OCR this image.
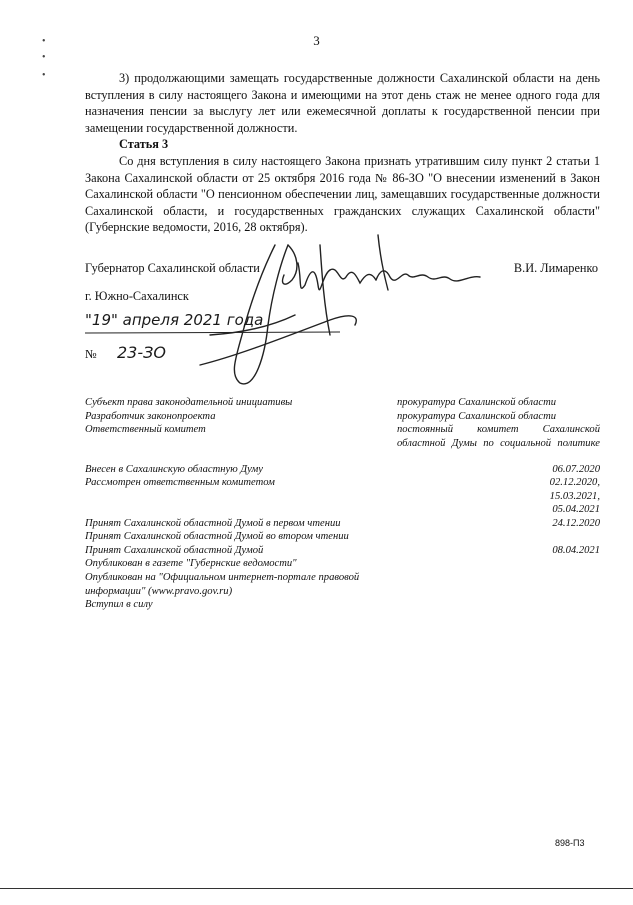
•
•
•
3

3) продолжающими замещать государственные должности Сахалинской области на день вступления в силу настоящего Закона и имеющими на этот день стаж не менее одного года для назначения пенсии за выслугу лет или ежемесячной доплаты к государственной пенсии при замещении государственной должности.

Статья 3

Со дня вступления в силу настоящего Закона признать утратившим силу пункт 2 статьи 1 Закона Сахалинской области от 25 октября 2016 года № 86-ЗО "О внесении изменений в Закон Сахалинской области "О пенсионном обеспечении лиц, замещавших государственные должности Сахалинской области, и государственных гражданских служащих Сахалинской области" (Губернские ведомости, 2016, 28 октября).

Губернатор Сахалинской области	В.И. Лимаренко
г. Южно-Сахалинск
"19" апреля 2021 года
№ 23-ЗО
Субъект права законодательной инициативы	прокуратура Сахалинской области
Разработчик законопроекта	прокуратура Сахалинской области
Ответственный комитет	постоянный комитет Сахалинской областной Думы по социальной политике
Внесен в Сахалинскую областную Думу	06.07.2020
Рассмотрен ответственным комитетом	02.12.2020,
15.03.2021,
05.04.2021
Принят Сахалинской областной Думой в первом чтении	24.12.2020
Принят Сахалинской областной Думой во втором чтении
Принят Сахалинской областной Думой	08.04.2021
Опубликован в газете "Губернские ведомости"
Опубликован на "Официальном интернет-портале правовой информации" (www.pravo.gov.ru)
Вступил в силу
898-П3
